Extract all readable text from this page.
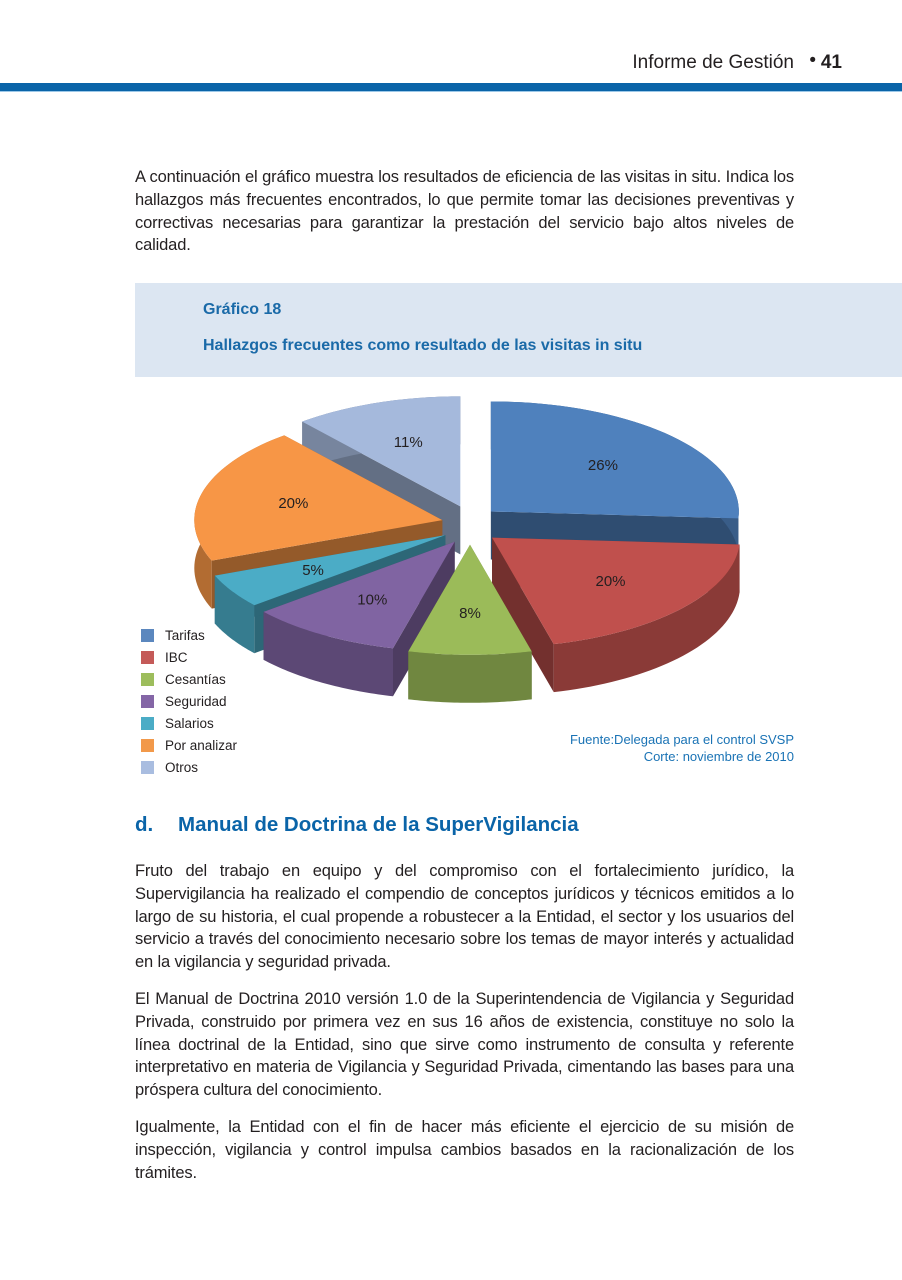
Informe de Gestión • 41

A continuación el gráfico muestra los resultados de eficiencia de las visitas in situ. Indica los hallazgos más frecuentes encontrados, lo que permite tomar las decisiones preventivas y correctivas necesarias para garantizar la prestación del servicio bajo altos niveles de calidad.

Gráfico 18
Hallazgos frecuentes como resultado de las visitas in situ
11%
26%
20%
5%
20%
10%
8%
Tarifas
IBC
Cesantías
Seguridad
Salarios
Por analizar
Otros
Fuente:Delegada para el control SVSP
Corte: noviembre de 2010
d. Manual de Doctrina de la SuperVigilancia

Fruto del trabajo en equipo y del compromiso con el fortalecimiento jurídico, la Supervigilancia ha realizado el compendio de conceptos jurídicos y técnicos emitidos a lo largo de su historia, el cual propende a robustecer a la Entidad, el sector y los usuarios del servicio a través del conocimiento necesario sobre los temas de mayor interés y actualidad en la vigilancia y seguridad privada.

El Manual de Doctrina 2010 versión 1.0 de la Superintendencia de Vigilancia y Seguridad Privada, construido por primera vez en sus 16 años de existencia, constituye no solo la línea doctrinal de la Entidad, sino que sirve como instrumento de consulta y referente interpretativo en materia de Vigilancia y Seguridad Privada, cimentando las bases para una próspera cultura del conocimiento.

Igualmente, la Entidad con el fin de hacer más eficiente el ejercicio de su misión de inspección, vigilancia y control impulsa cambios basados en la racionalización de los trámites.
